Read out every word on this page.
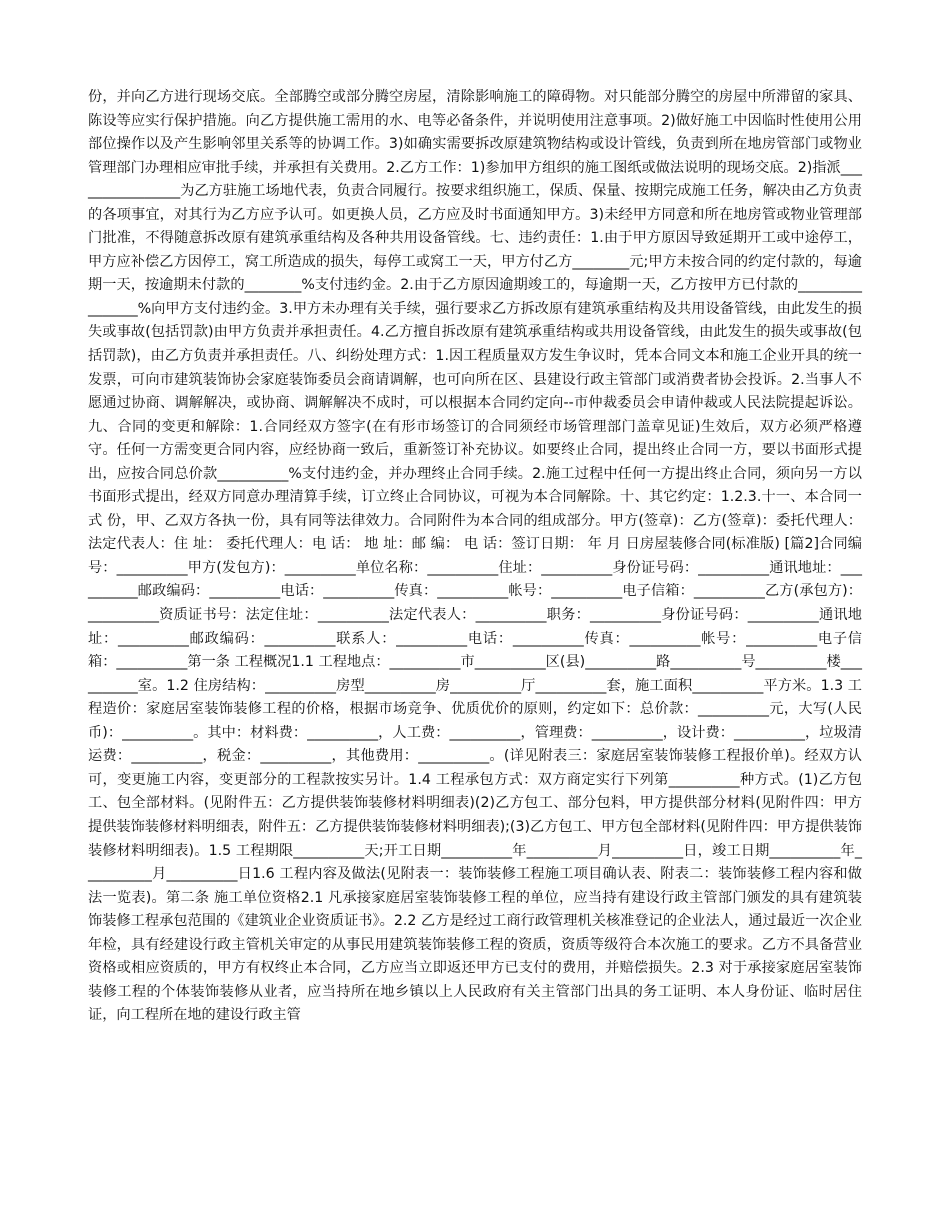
份，并向乙方进行现场交底。全部腾空或部分腾空房屋，清除影响施工的障碍物。对只能部分腾空的房屋中所滞留的家具、陈设等应实行保护措施。向乙方提供施工需用的水、电等必备条件，并说明使用注意事项。2)做好施工中因临时性使用公用部位操作以及产生影响邻里关系等的协调工作。3)如确实需要拆改原建筑物结构或设计管线，负责到所在地房管部门或物业管理部门办理相应审批手续，并承担有关费用。2.乙方工作：1)参加甲方组织的施工图纸或做法说明的现场交底。2)指派________________为乙方驻施工场地代表，负责合同履行。按要求组织施工，保质、保量、按期完成施工任务，解决由乙方负责的各项事宜，对其行为乙方应予认可。如更换人员，乙方应及时书面通知甲方。3)未经甲方同意和所在地房管或物业管理部门批准，不得随意拆改原有建筑承重结构及各种共用设备管线。七、违约责任：1.由于甲方原因导致延期开工或中途停工，甲方应补偿乙方因停工，窝工所造成的损失，每停工或窝工一天，甲方付乙方________元;甲方未按合同的约定付款的，每逾期一天，按逾期未付款的________%支付违约金。2.由于乙方原因逾期竣工的，每逾期一天，乙方按甲方已付款的________________%向甲方支付违约金。3.甲方未办理有关手续，强行要求乙方拆改原有建筑承重结构及共用设备管线，由此发生的损失或事故(包括罚款)由甲方负责并承担责任。4.乙方擅自拆改原有建筑承重结构或共用设备管线，由此发生的损失或事故(包括罚款)，由乙方负责并承担责任。八、纠纷处理方式：1.因工程质量双方发生争议时，凭本合同文本和施工企业开具的统一发票，可向市建筑装饰协会家庭装饰委员会商请调解，也可向所在区、县建设行政主管部门或消费者协会投诉。2.当事人不愿通过协商、调解解决，或协商、调解解决不成时，可以根据本合同约定向--市仲裁委员会申请仲裁或人民法院提起诉讼。九、合同的变更和解除：1.合同经双方签字(在有形市场签订的合同须经市场管理部门盖章见证)生效后，双方必须严格遵守。任何一方需变更合同内容，应经协商一致后，重新签订补充协议。如要终止合同，提出终止合同一方，要以书面形式提出，应按合同总价款__________%支付违约金，并办理终止合同手续。2.施工过程中任何一方提出终止合同，须向另一方以书面形式提出，经双方同意办理清算手续，订立终止合同协议，可视为本合同解除。十、其它约定：1.2.3.十一、本合同一式 份，甲、乙双方各执一份，具有同等法律效力。合同附件为本合同的组成部分。甲方(签章)：乙方(签章)：委托代理人：法定代表人：住 址： 委托代理人：电 话： 地 址：邮 编： 电 话：签订日期： 年 月 日房屋装修合同(标准版) [篇2]合同编号：__________甲方(发包方)：__________单位名称：__________住址：__________身份证号码：__________通讯地址：__________邮政编码：__________电话：__________传真：__________帐号：__________电子信箱：__________乙方(承包方)：__________资质证书号：法定住址：__________法定代表人：__________职务：__________身份证号码：__________通讯地址：__________邮政编码：__________联系人：__________电话：__________传真：__________帐号：__________电子信箱：__________第一条 工程概况1.1 工程地点：__________市__________区(县)__________路__________号__________楼__________室。1.2 住房结构：__________房型__________房__________厅__________套，施工面积__________平方米。1.3 工程造价：家庭居室装饰装修工程的价格，根据市场竞争、优质优价的原则，约定如下：总价款：__________元，大写(人民币)：__________。其中：材料费：__________，人工费：__________，管理费：__________，设计费：__________，垃圾清运费：__________，税金：__________，其他费用：__________。(详见附表三：家庭居室装饰装修工程报价单)。经双方认可，变更施工内容，变更部分的工程款按实另计。1.4 工程承包方式：双方商定实行下列第__________种方式。(1)乙方包工、包全部材料。(见附件五：乙方提供装饰装修材料明细表)(2)乙方包工、部分包料，甲方提供部分材料(见附件四：甲方提供装饰装修材料明细表，附件五：乙方提供装饰装修材料明细表);(3)乙方包工、甲方包全部材料(见附件四：甲方提供装饰装修材料明细表)。1.5 工程期限__________天;开工日期__________年__________月__________日，竣工日期__________年__________月__________日1.6 工程内容及做法(见附表一：装饰装修工程施工项目确认表、附表二：装饰装修工程内容和做法一览表)。第二条 施工单位资格2.1 凡承接家庭居室装饰装修工程的单位，应当持有建设行政主管部门颁发的具有建筑装饰装修工程承包范围的《建筑业企业资质证书》。2.2 乙方是经过工商行政管理机关核准登记的企业法人，通过最近一次企业年检，具有经建设行政主管机关审定的从事民用建筑装饰装修工程的资质，资质等级符合本次施工的要求。乙方不具备营业资格或相应资质的，甲方有权终止本合同，乙方应当立即返还甲方已支付的费用，并赔偿损失。2.3 对于承接家庭居室装饰装修工程的个体装饰装修从业者，应当持所在地乡镇以上人民政府有关主管部门出具的务工证明、本人身份证、临时居住证，向工程所在地的建设行政主管
